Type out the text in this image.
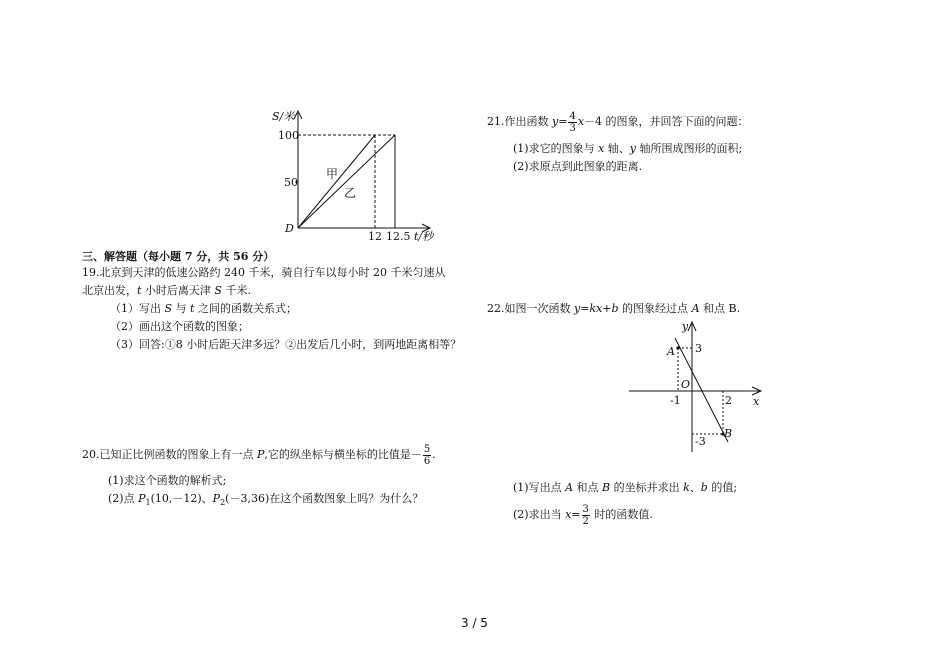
S/米
100
50
D
12 12.5 t/秒
甲
乙
三、解答题（每小题 7 分，共 56 分）
19.北京到天津的低速公路约 240 千米，骑自行车以每小时 20 千米匀速从
北京出发，t 小时后离天津 S 千米.
（1）写出 S 与 t 之间的函数关系式；
（2）画出这个函数的图象；
（3）回答:①8 小时后距天津多远？②出发后几小时，到两地距离相等？
20.已知正比例函数的图象上有一点 P,它的纵坐标与横坐标的比值是－ $\frac{5}{6}$ .
(1)求这个函数的解析式;
(2)点 $P_1(10,-12)$、$P_2(-3,36)$在这个函数图象上吗？为什么？
21.作出函数 $y= \frac{4}{3} x-4$ 的图象，并回答下面的问题：
(1)求它的图象与 x 轴、y 轴所围成图形的面积;
(2)求原点到此图象的距离.
22.如图一次函数 y=kx+b 的图象经过点 A 和点 B.
y
x
A
B
O
3
-1	2
-3
(1)写出点 A 和点 B 的坐标并求出 k、b 的值;
(2)求出当 $x= \frac{3}{2}$ 时的函数值.
3 / 5
